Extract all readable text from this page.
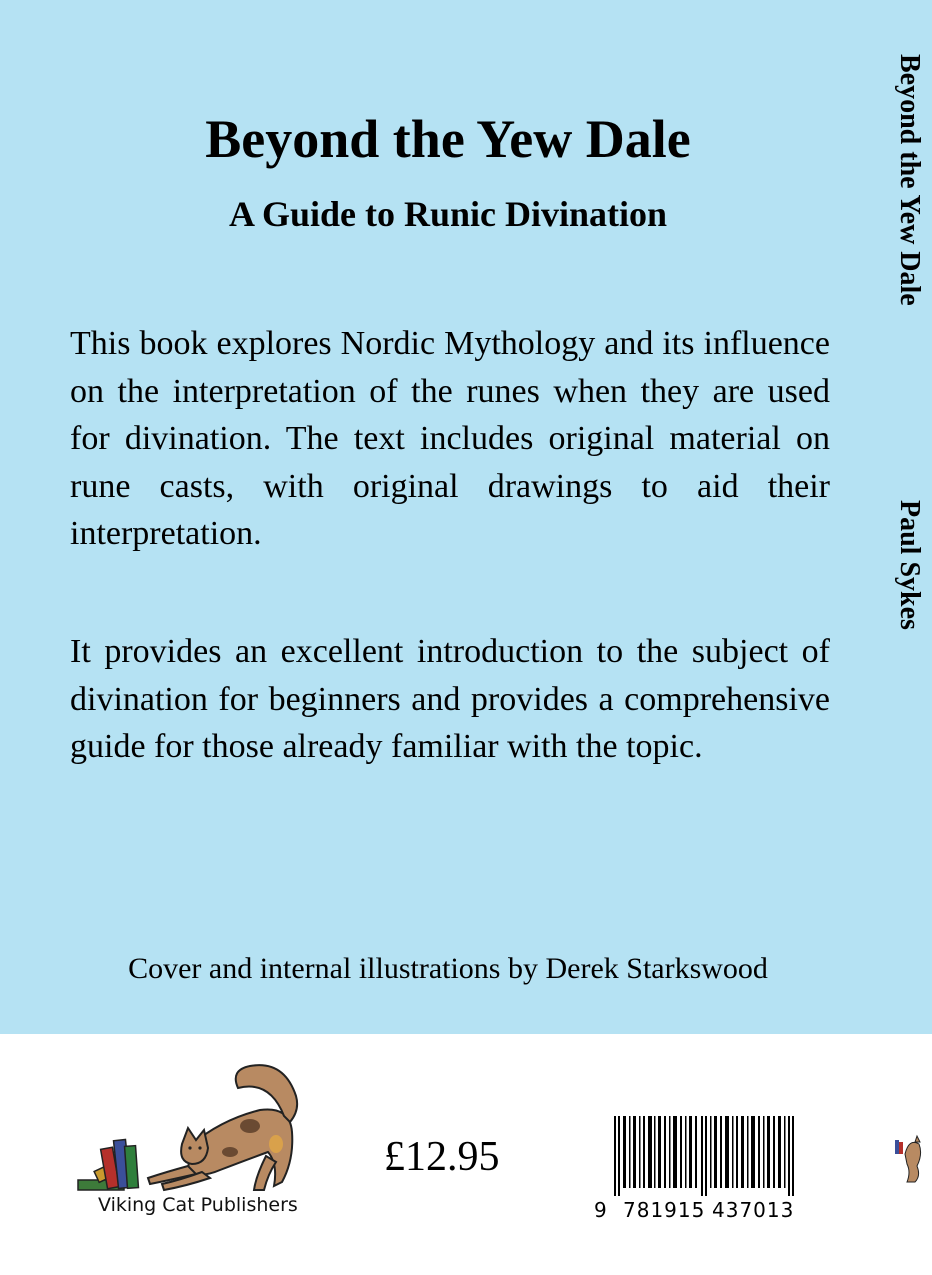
Beyond the Yew Dale
A Guide to Runic Divination

This book explores Nordic Mythology and its influence on the interpretation of the runes when they are used for divination. The text includes original material on rune casts, with original drawings to aid their interpretation.

It provides an excellent introduction to the subject of divination for beginners and provides a comprehensive guide for those already familiar with the topic.

Cover and internal illustrations by Derek Starkswood

Beyond the Yew Dale
Paul Sykes
Viking Cat Publishers
£12.95
9 781915 437013
